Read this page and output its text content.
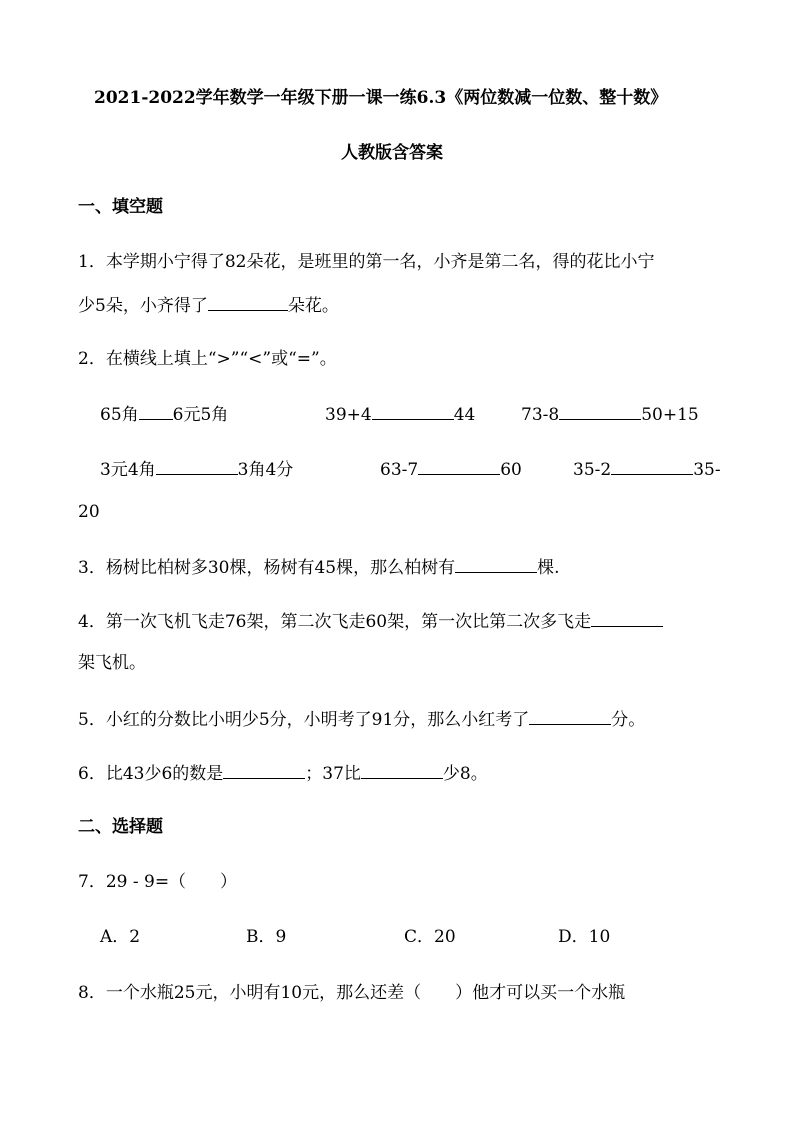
2021-2022学年数学一年级下册一课一练6.3《两位数减一位数、整十数》
人教版含答案
一、填空题
1．本学期小宁得了82朵花，是班里的第一名，小齐是第二名，得的花比小宁
少5朵，小齐得了	朵花。
2．在横线上填上“>”“<”或“=”。
65角 6元5角	39+4	44	73-8	50+15
3元4角	3角4分	63-7	60	35-2	35-
20
3．杨树比柏树多30棵，杨树有45棵，那么柏树有	棵.
4．第一次飞机飞走76架，第二次飞走60架，第一次比第二次多飞走
架飞机。
5．小红的分数比小明少5分，小明考了91分，那么小红考了	分。
6．比43少6的数是	；37比	少8。
二、选择题
7．29 - 9=（　　）
A．2	B．9	C．20	D．10
8．一个水瓶25元，小明有10元，那么还差（　　）他才可以买一个水瓶
